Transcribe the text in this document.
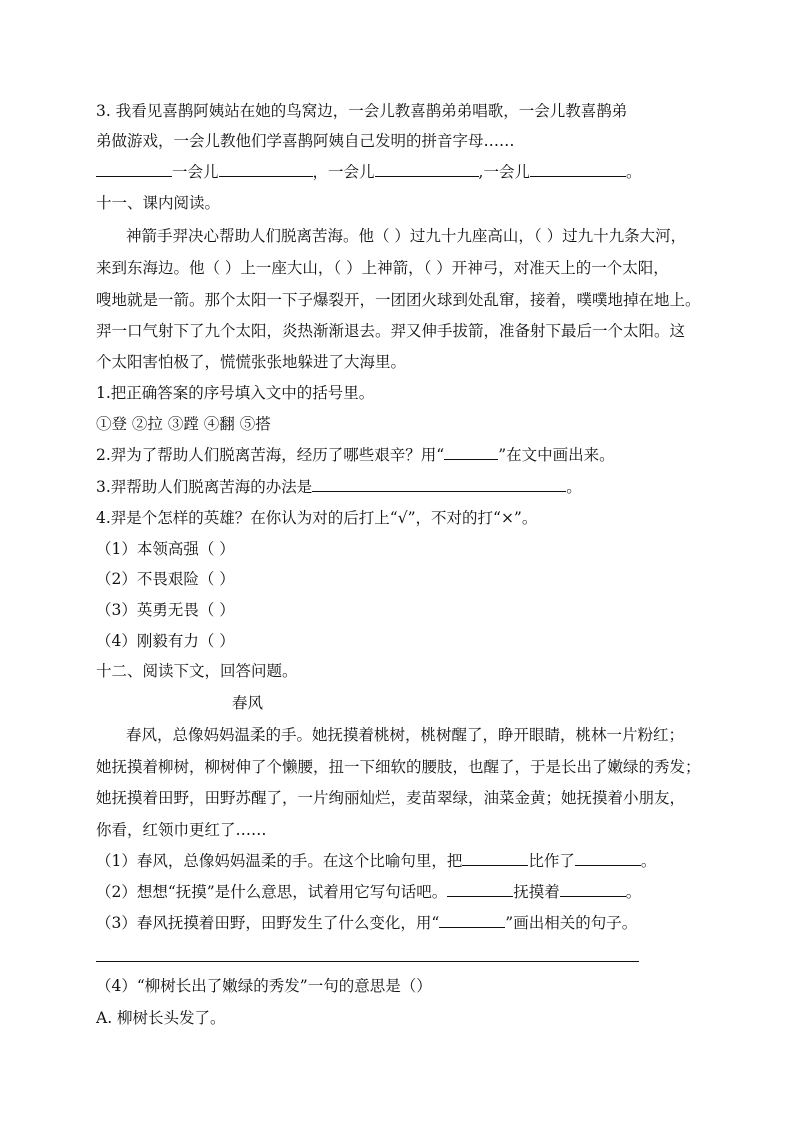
3. 我看见喜鹊阿姨站在她的鸟窝边，一会儿教喜鹊弟弟唱歌，一会儿教喜鹊弟
弟做游戏，一会儿教他们学喜鹊阿姨自己发明的拼音字母……
一会儿	，一会儿	,一会儿	。
十一、课内阅读。
神箭手羿决心帮助人们脱离苦海。他（ ）过九十九座高山，（ ）过九十九条大河，
来到东海边。他（ ）上一座大山，（ ）上神箭，（ ）开神弓，对准天上的一个太阳，
嗖地就是一箭。那个太阳一下子爆裂开，一团团火球到处乱窜，接着，噗噗地掉在地上。
羿一口气射下了九个太阳，炎热渐渐退去。羿又伸手拔箭，准备射下最后一个太阳。这
个太阳害怕极了，慌慌张张地躲进了大海里。
1.把正确答案的序号填入文中的括号里。
①登 ②拉 ③蹚 ④翻 ⑤搭
2.羿为了帮助人们脱离苦海，经历了哪些艰辛？用“	”在文中画出来。
3.羿帮助人们脱离苦海的办法是	。
4.羿是个怎样的英雄？在你认为对的后打上“√”，不对的打“×”。
（1）本领高强（ ）
（2）不畏艰险（ ）
（3）英勇无畏（ ）
（4）刚毅有力（ ）
十二、阅读下文，回答问题。
春风
春风，总像妈妈温柔的手。她抚摸着桃树，桃树醒了，睁开眼睛，桃林一片粉红；
她抚摸着柳树，柳树伸了个懒腰，扭一下细软的腰肢，也醒了，于是长出了嫩绿的秀发；
她抚摸着田野，田野苏醒了，一片绚丽灿烂，麦苗翠绿，油菜金黄；她抚摸着小朋友，
你看，红领巾更红了……
（1）春风，总像妈妈温柔的手。在这个比喻句里，把	比作了	。
（2）想想“抚摸”是什么意思，试着用它写句话吧。	抚摸着	。
（3）春风抚摸着田野，田野发生了什么变化，用“	”画出相关的句子。
（4）“柳树长出了嫩绿的秀发”一句的意思是（）
A. 柳树长头发了。
